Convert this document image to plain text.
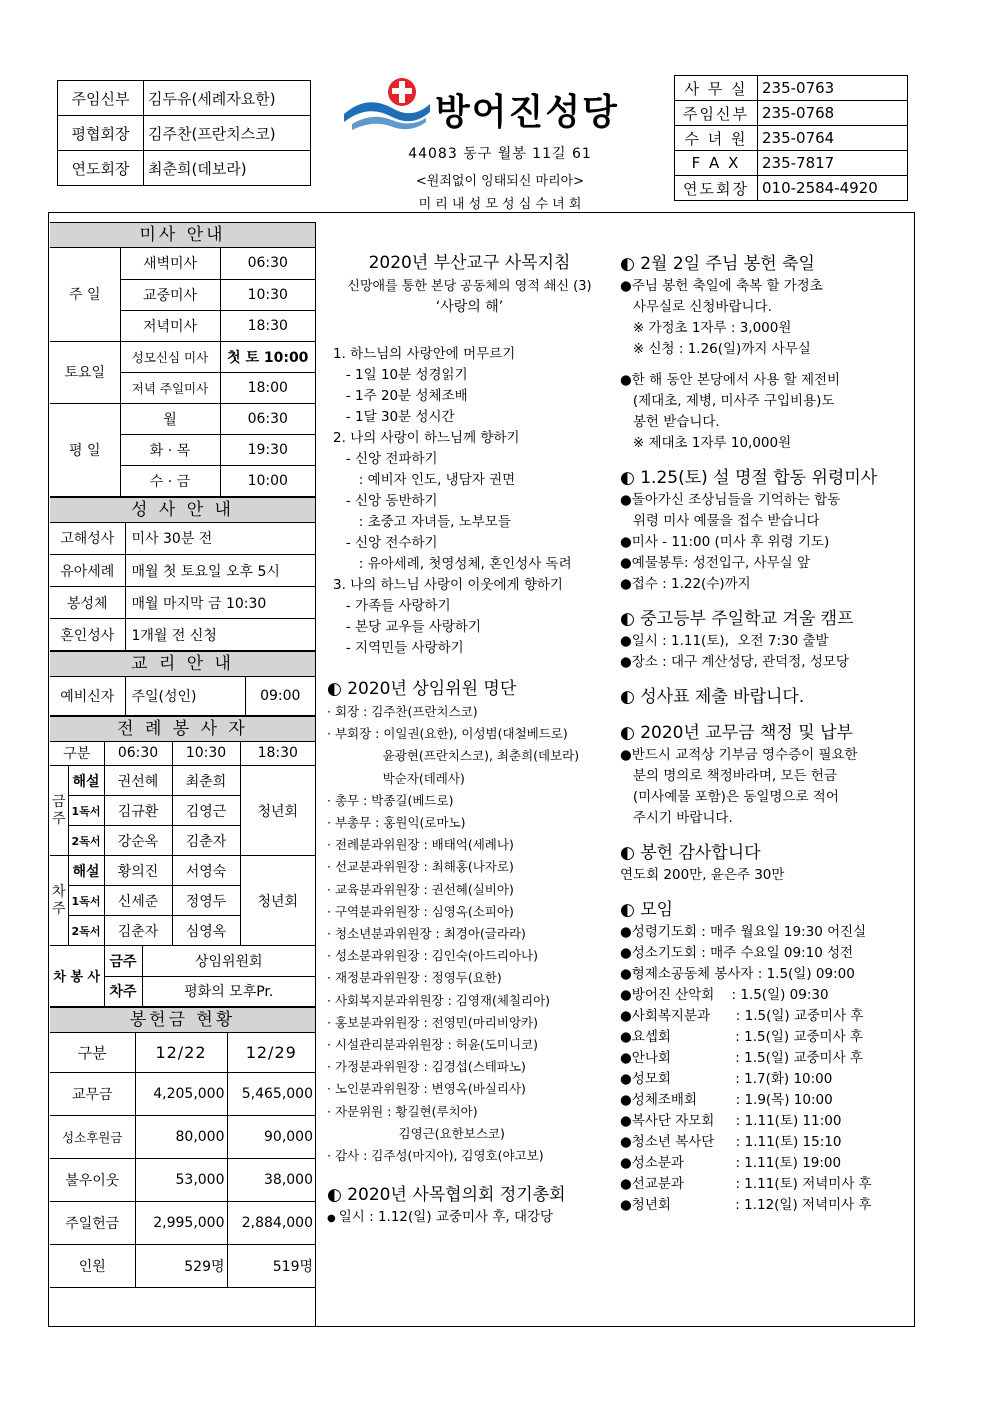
주임신부	김두유(세례자요한)
평협회장	김주찬(프란치스코)
연도회장	최춘희(데보라)
방어진성당
44083 동구 월봉 11길 61
<원죄없이 잉태되신 마리아>
미 리 내 성 모 성 심 수 녀 회
사 무 실	235-0763
주임신부	235-0768
수 녀 원	235-0764
F A X	235-7817
연도회장	010-2584-4920
미사 안내
주 일	새벽미사	06:30
	교중미사	10:30
	저녁미사	18:30
토요일	성모신심 미사	첫 토 10:00
	저녁 주일미사	18:00
평 일	월	06:30
	화 · 목	19:30
	수 · 금	10:00
성 사 안 내
고해성사	미사 30분 전
유아세례	매월 첫 토요일 오후 5시
봉성체	매월 마지막 금 10:30
혼인성사	1개월 전 신청
교 리 안 내
예비신자	주일(성인)	09:00
전 례 봉 사 자
구분		06:30	10:30	18:30
금주	해설	권선혜	최춘희	청년회
	1독서	김규환	김영근	
	2독서	강순옥	김춘자	
차주	해설	황의진	서영숙	청년회
	1독서	신세준	정영두	
	2독서	김춘자	심영옥	
차 봉 사	금주	상임위원회
	차주	평화의 모후Pr.
봉헌금 현황
구분	12/22	12/29
교무금	4,205,000	5,465,000
성소후원금	80,000	90,000
불우이웃	53,000	38,000
주일헌금	2,995,000	2,884,000
인원	529명	519명
2020년 부산교구 사목지침
신망애를 통한 본당 공동체의 영적 쇄신 (3)
‘사랑의 해’
1. 하느님의 사랑안에 머무르기
- 1일 10분 성경읽기
- 1주 20분 성체조배
- 1달 30분 성시간
2. 나의 사랑이 하느님께 향하기
- 신앙 전파하기
: 예비자 인도, 냉담자 권면
- 신앙 동반하기
: 초중고 자녀들, 노부모들
- 신앙 전수하기
: 유아세례, 첫영성체, 혼인성사 독려
3. 나의 하느님 사랑이 이웃에게 향하기
- 가족들 사랑하기
- 본당 교우들 사랑하기
- 지역민들 사랑하기
◐ 2020년 상임위원 명단
· 회장 : 김주찬(프란치스코)
· 부회장 : 이일권(요한), 이성범(대철베드로)
윤광현(프란치스코), 최춘희(데보라)
박순자(데레사)
· 총무 : 박종길(베드로)
· 부총무 : 홍원익(로마노)
· 전례분과위원장 : 배태억(세례나)
· 선교분과위원장 : 최해홍(나자로)
· 교육분과위원장 : 권선혜(실비아)
· 구역분과위원장 : 심영옥(소피아)
· 청소년분과위원장 : 최경아(글라라)
· 성소분과위원장 : 김인숙(아드리아나)
· 재정분과위원장 : 정영두(요한)
· 사회복지분과위원장 : 김영재(체칠리아)
· 홍보분과위원장 : 전영민(마리비앙카)
· 시설관리분과위원장 : 허윤(도미니코)
· 가정분과위원장 : 김경섭(스테파노)
· 노인분과위원장 : 변영옥(바실리사)
· 자문위원 : 황길현(루치아)
김영근(요한보스코)
· 감사 : 김주성(마지아), 김영호(야고보)
◐ 2020년 사목협의회 정기총회
● 일시 : 1.12(일) 교중미사 후, 대강당
◐ 2월 2일 주님 봉헌 축일
●주님 봉헌 축일에 축복 할 가정초
사무실로 신청바랍니다.
※ 가정초 1자루 : 3,000원
※ 신청 : 1.26(일)까지 사무실
●한 해 동안 본당에서 사용 할 제전비
(제대초, 제병, 미사주 구입비용)도
봉헌 받습니다.
※ 제대초 1자루 10,000원
◐ 1.25(토) 설 명절 합동 위령미사
●돌아가신 조상님들을 기억하는 합동
위령 미사 예물을 접수 받습니다
●미사 - 11:00 (미사 후 위령 기도)
●예물봉투: 성전입구, 사무실 앞
●접수 : 1.22(수)까지
◐ 중고등부 주일학교 겨울 캠프
●일시 : 1.11(토),  오전 7:30 출발
●장소 : 대구 계산성당, 관덕정, 성모당
◐ 성사표 제출 바랍니다.
◐ 2020년 교무금 책정 및 납부
●반드시 교적상 기부금 영수증이 필요한
분의 명의로 책정바라며, 모든 헌금
(미사예물 포함)은 동일명으로 적어
주시기 바랍니다.
◐ 봉헌 감사합니다
연도회 200만, 윤은주 30만
◐ 모임
●성령기도회 : 매주 월요일 19:30 어진실
●성소기도회 : 매주 수요일 09:10 성전
●형제소공동체 봉사자 : 1.5(일) 09:00
●방어진 산악회    : 1.5(일) 09:30
●사회복지분과      : 1.5(일) 교중미사 후
●요셉회               : 1.5(일) 교중미사 후
●안나회               : 1.5(일) 교중미사 후
●성모회               : 1.7(화) 10:00
●성체조배회         : 1.9(목) 10:00
●복사단 자모회     : 1.11(토) 11:00
●청소년 복사단     : 1.11(토) 15:10
●성소분과            : 1.11(토) 19:00
●선교분과            : 1.11(토) 저녁미사 후
●청년회               : 1.12(일) 저녁미사 후
